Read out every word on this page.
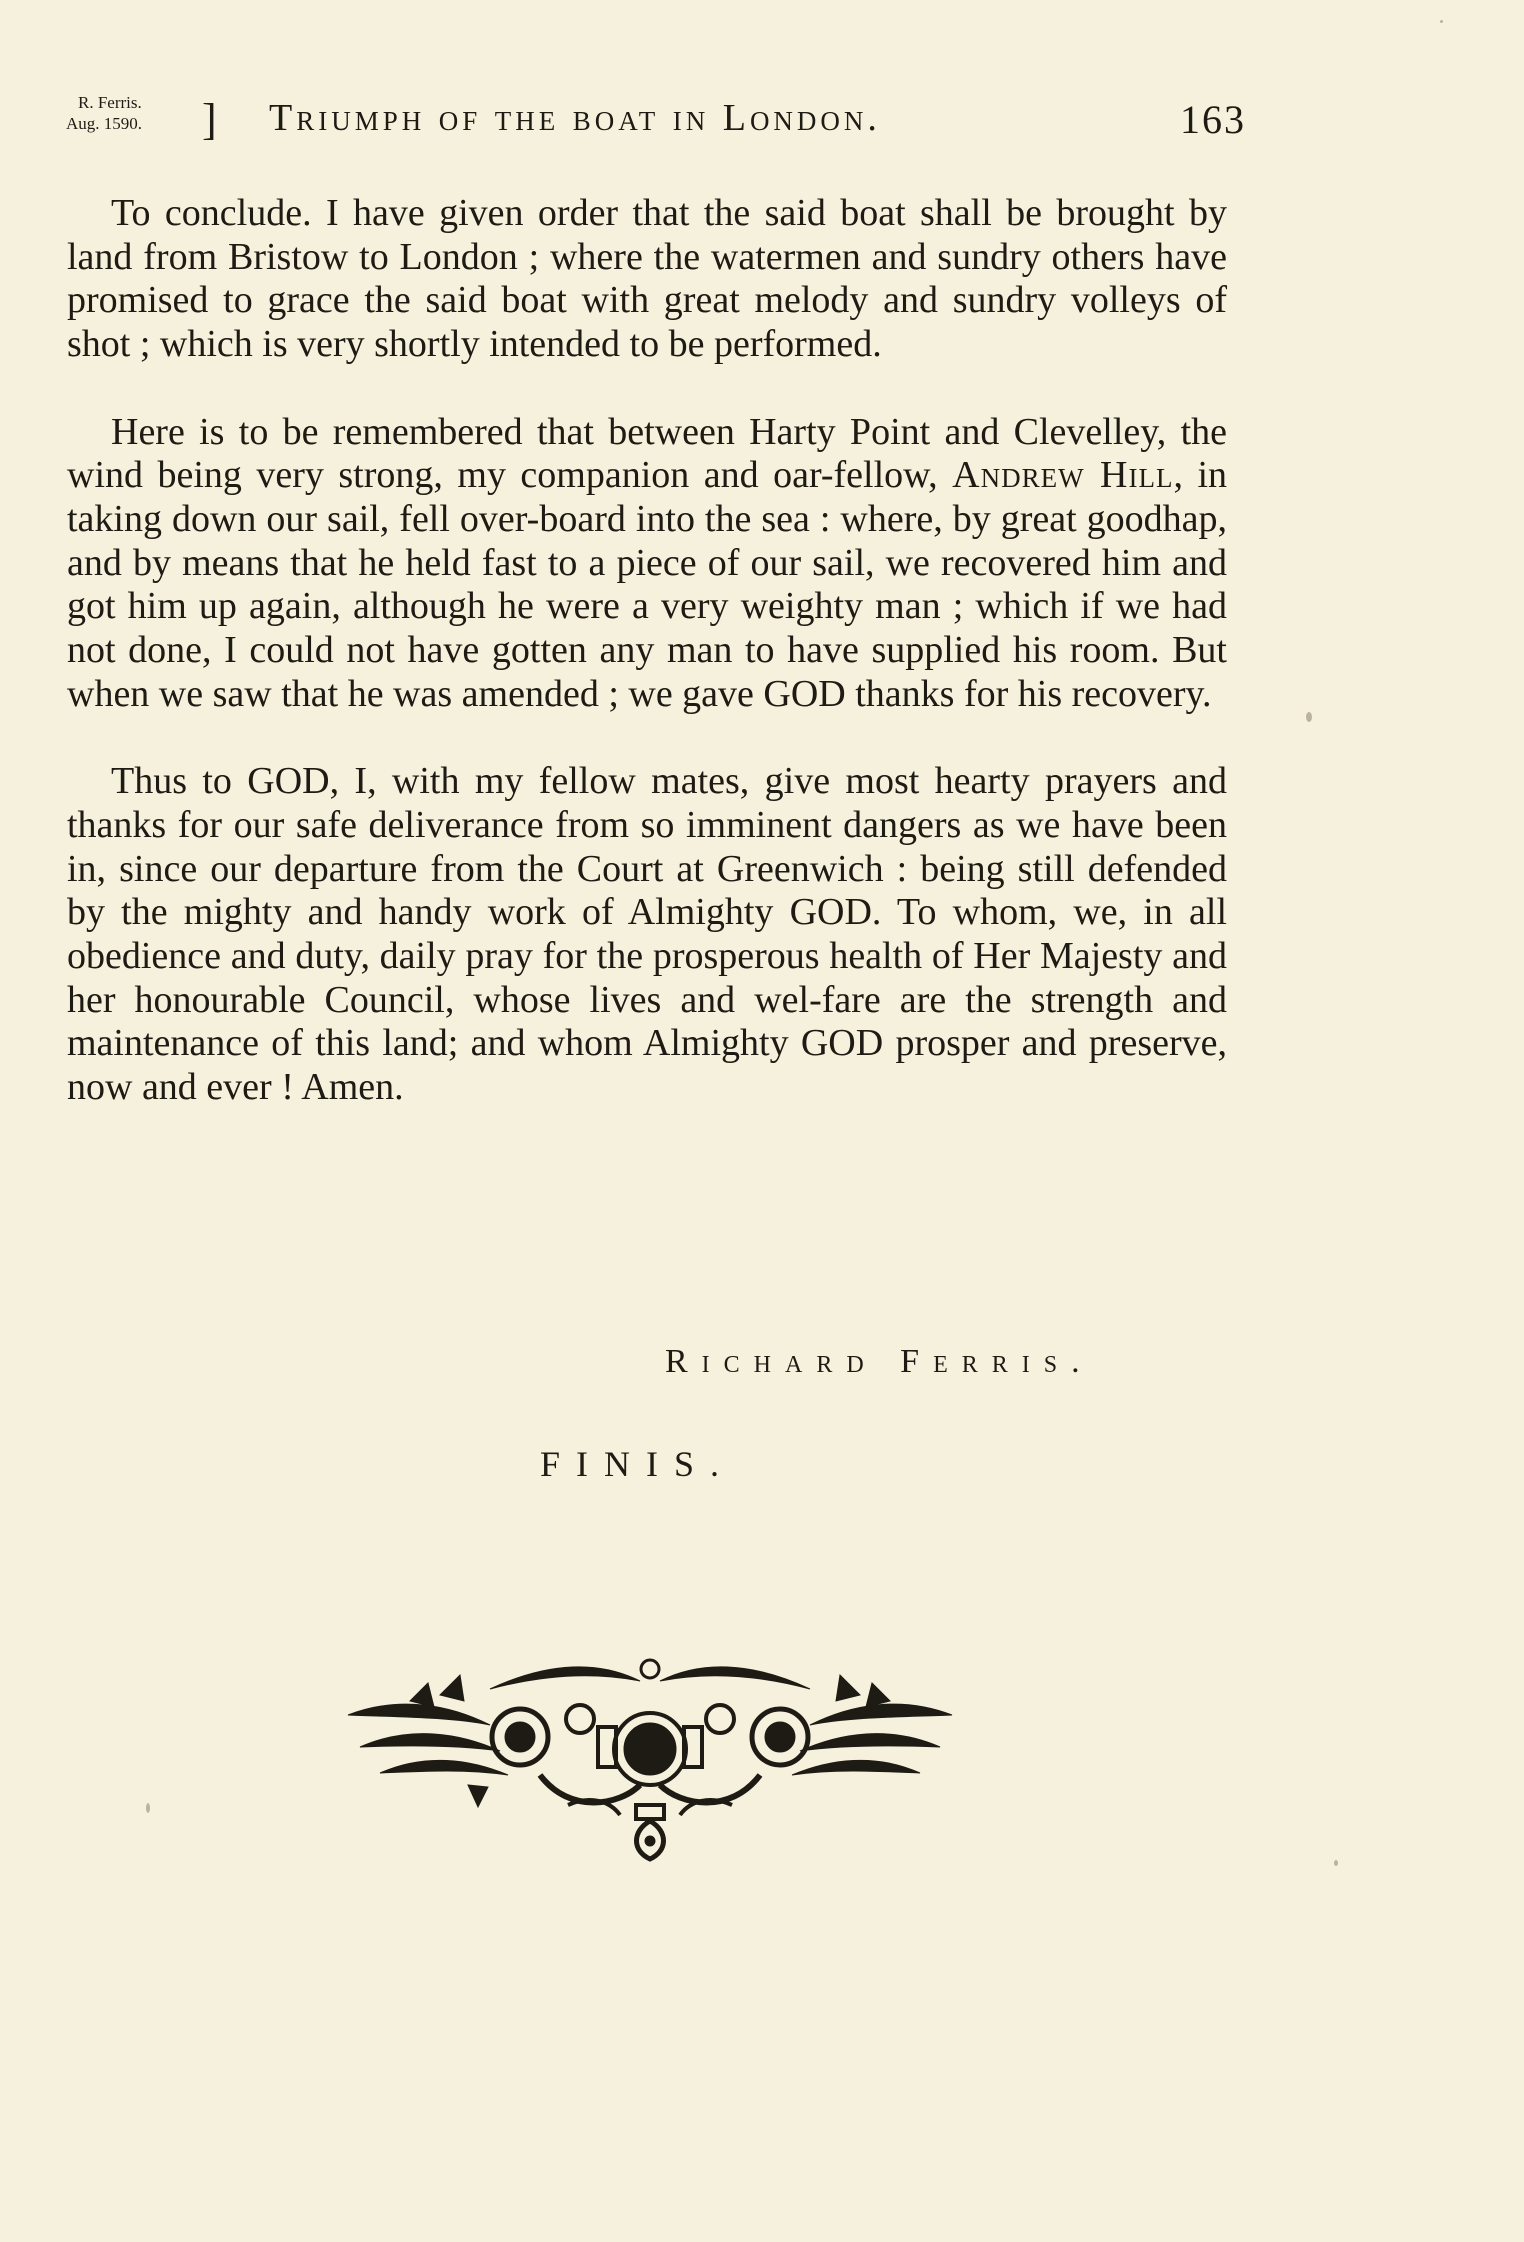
R. Ferris.
Aug. 1590.	] Triumph of the boat in London.	163

To conclude. I have given order that the said boat shall be brought by land from Bristow to London ; where the watermen and sundry others have promised to grace the said boat with great melody and sundry volleys of shot ; which is very shortly intended to be performed.

Here is to be remembered that between Harty Point and Clevelley, the wind being very strong, my companion and oar-fellow, Andrew Hill, in taking down our sail, fell over-board into the sea : where, by great goodhap, and by means that he held fast to a piece of our sail, we recovered him and got him up again, although he were a very weighty man ; which if we had not done, I could not have gotten any man to have supplied his room. But when we saw that he was amended ; we gave GOD thanks for his recovery.

Thus to GOD, I, with my fellow mates, give most hearty prayers and thanks for our safe deliverance from so imminent dangers as we have been in, since our departure from the Court at Greenwich : being still defended by the mighty and handy work of Almighty GOD. To whom, we, in all obedience and duty, daily pray for the prosperous health of Her Majesty and her honourable Council, whose lives and wel-fare are the strength and maintenance of this land; and whom Almighty GOD prosper and preserve, now and ever ! Amen.

Richard Ferris.
FINIS.
